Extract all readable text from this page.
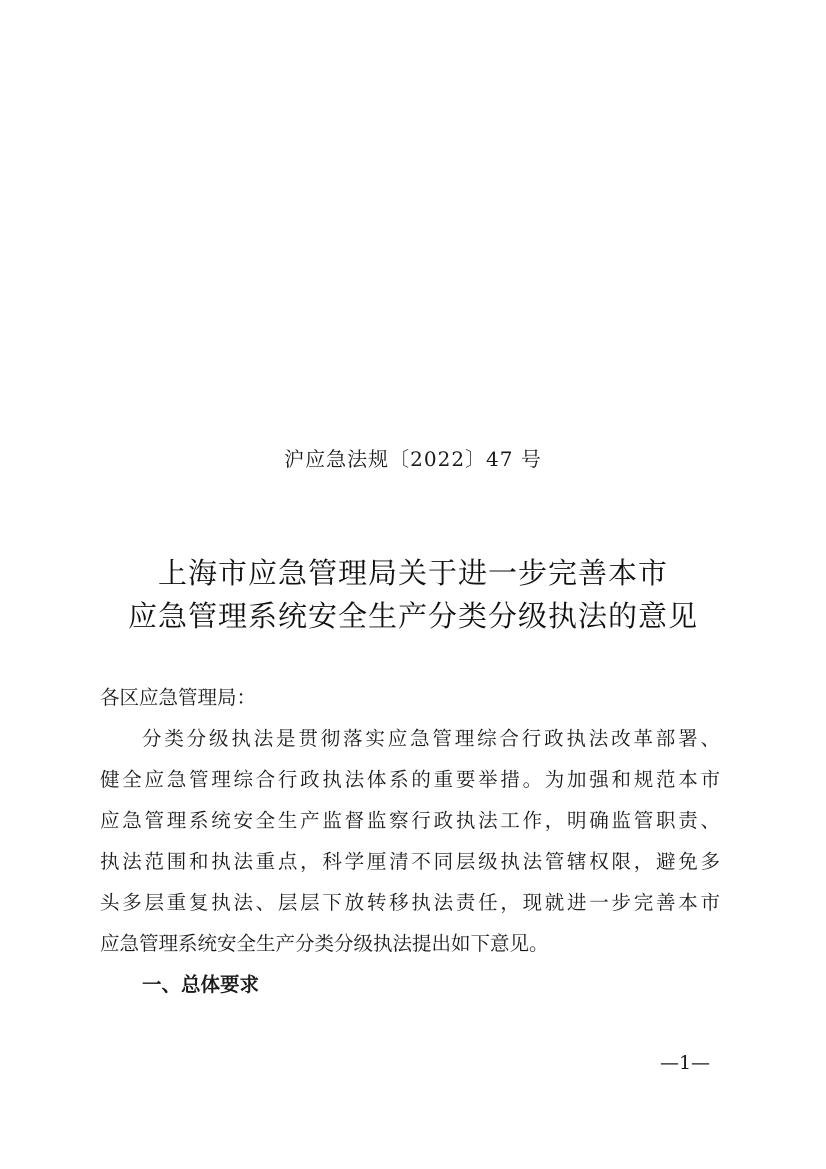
沪应急法规〔2022〕47 号
上海市应急管理局关于进一步完善本市
应急管理系统安全生产分类分级执法的意见
各区应急管理局：
分类分级执法是贯彻落实应急管理综合行政执法改革部署、
健全应急管理综合行政执法体系的重要举措。为加强和规范本市
应急管理系统安全生产监督监察行政执法工作，明确监管职责、
执法范围和执法重点，科学厘清不同层级执法管辖权限，避免多
头多层重复执法、层层下放转移执法责任，现就进一步完善本市
应急管理系统安全生产分类分级执法提出如下意见。
一、总体要求
—1—
